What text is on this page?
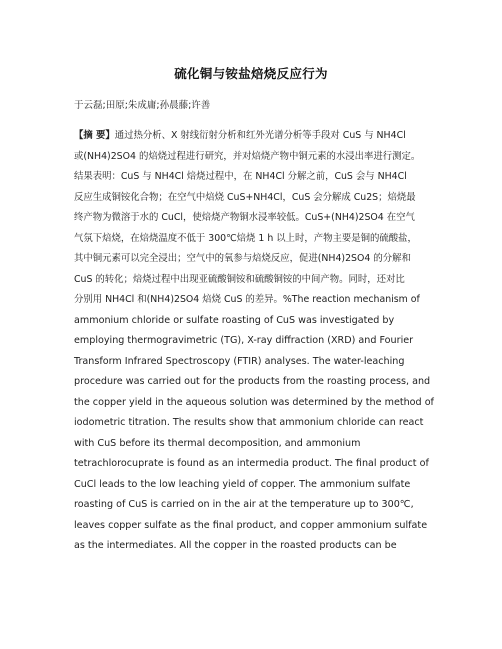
硫化铜与铵盐焙烧反应行为
于云磊;田原;朱成庸;孙晨藤;许善
【摘 要】通过热分析、X 射线衍射分析和红外光谱分析等手段对 CuS 与 NH4Cl
或(NH4)2SO4 的焙烧过程进行研究，并对焙烧产物中铜元素的水浸出率进行测定。
结果表明：CuS 与 NH4Cl 焙烧过程中，在 NH4Cl 分解之前，CuS 会与 NH4Cl
反应生成铜铵化合物；在空气中焙烧 CuS+NH4Cl，CuS 会分解成 Cu2S；焙烧最
终产物为微溶于水的 CuCl，使焙烧产物铜水浸率较低。CuS+(NH4)2SO4 在空气
气氛下焙烧，在焙烧温度不低于 300℃焙烧 1 h 以上时，产物主要是铜的硫酸盐，
其中铜元素可以完全浸出；空气中的氧参与焙烧反应，促进(NH4)2SO4 的分解和
CuS 的转化；焙烧过程中出现亚硫酸铜铵和硫酸铜铵的中间产物。同时，还对比
分别用 NH4Cl 和(NH4)2SO4 焙烧 CuS 的差异。%The reaction mechanism of
ammonium chloride or sulfate roasting of CuS was investigated by
employing thermogravimetric (TG), X-ray diffraction (XRD) and Fourier
Transform Infrared Spectroscopy (FTIR) analyses. The water-leaching
procedure was carried out for the products from the roasting process, and
the copper yield in the aqueous solution was determined by the method of
iodometric titration. The results show that ammonium chloride can react
with CuS before its thermal decomposition, and ammonium
tetrachlorocuprate is found as an intermedia product. The final product of
CuCl leads to the low leaching yield of copper. The ammonium sulfate
roasting of CuS is carried on in the air at the temperature up to 300℃,
leaves copper sulfate as the final product, and copper ammonium sulfate
as the intermediates. All the copper in the roasted products can be
